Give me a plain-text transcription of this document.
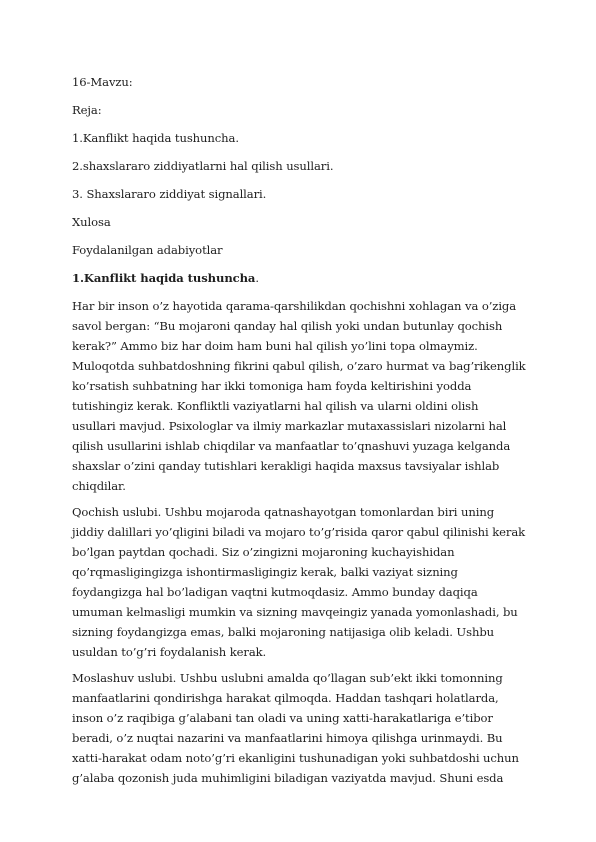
16-Mavzu:
Reja:
1.Kanflikt haqida tushuncha.
2.shaxslararo ziddiyatlarni hal qilish usullari.
3. Shaxslararo ziddiyat signallari.
Xulosa
Foydalanilgan adabiyotlar
1.Kanflikt haqida tushuncha.
Har bir inson o’z hayotida qarama-qarshilikdan qochishni xohlagan va o’ziga
savol bergan: “Bu mojaroni qanday hal qilish yoki undan butunlay qochish
kerak?” Ammo biz har doim ham buni hal qilish yo’lini topa olmaymiz.
Muloqotda suhbatdoshning fikrini qabul qilish, o’zaro hurmat va bag’rikenglik
ko’rsatish suhbatning har ikki tomoniga ham foyda keltirishini yodda
tutishingiz kerak. Konfliktli vaziyatlarni hal qilish va ularni oldini olish
usullari mavjud. Psixologlar va ilmiy markazlar mutaxassislari nizolarni hal
qilish usullarini ishlab chiqdilar va manfaatlar to’qnashuvi yuzaga kelganda
shaxslar o’zini qanday tutishlari kerakligi haqida maxsus tavsiyalar ishlab
chiqdilar.
Qochish uslubi. Ushbu mojaroda qatnashayotgan tomonlardan biri uning
jiddiy dalillari yo’qligini biladi va mojaro to’g’risida qaror qabul qilinishi kerak
bo’lgan paytdan qochadi. Siz o’zingizni mojaroning kuchayishidan
qo’rqmasligingizga ishontirmasligingiz kerak, balki vaziyat sizning
foydangizga hal bo’ladigan vaqtni kutmoqdasiz. Ammo bunday daqiqa
umuman kelmasligi mumkin va sizning mavqeingiz yanada yomonlashadi, bu
sizning foydangizga emas, balki mojaroning natijasiga olib keladi. Ushbu
usuldan to’g’ri foydalanish kerak.
Moslashuv uslubi. Ushbu uslubni amalda qo’llagan sub’ekt ikki tomonning
manfaatlarini qondirishga harakat qilmoqda. Haddan tashqari holatlarda,
inson o’z raqibiga g’alabani tan oladi va uning xatti-harakatlariga e’tibor
beradi, o’z nuqtai nazarini va manfaatlarini himoya qilishga urinmaydi. Bu
xatti-harakat odam noto’g’ri ekanligini tushunadigan yoki suhbatdoshi uchun
g’alaba qozonish juda muhimligini biladigan vaziyatda mavjud. Shuni esda
